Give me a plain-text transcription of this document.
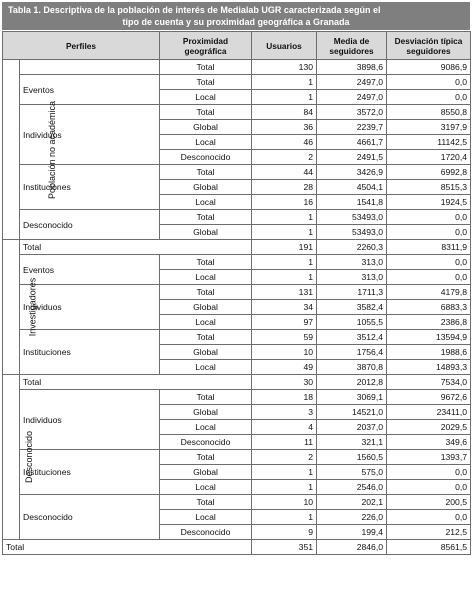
Tabla 1. Descriptiva de la población de interés de Medialab UGR caracterizada según el
tipo de cuenta y su proximidad geográfica a Granada
Perfiles		Proximidad geográfica	Usuarios	Media de seguidores	Desviación típica seguidores
Población no académica		Total	130	3898,6	9086,9
	Eventos	Total	1	2497,0	0,0
		Local	1	2497,0	0,0
	Individuos	Total	84	3572,0	8550,8
		Global	36	2239,7	3197,9
		Local	46	4661,7	11142,5
		Desconocido	2	2491,5	1720,4
	Instituciones	Total	44	3426,9	6992,8
		Global	28	4504,1	8515,3
		Local	16	1541,8	1924,5
	Desconocido	Total	1	53493,0	0,0
		Global	1	53493,0	0,0
Investigadores	Total		191	2260,3	8311,9
	Eventos	Total	1	313,0	0,0
		Local	1	313,0	0,0
	Individuos	Total	131	1711,3	4179,8
		Global	34	3582,4	6883,3
		Local	97	1055,5	2386,8
	Instituciones	Total	59	3512,4	13594,9
		Global	10	1756,4	1988,6
		Local	49	3870,8	14893,3
Desconocido	Total		30	2012,8	7534,0
	Individuos	Total	18	3069,1	9672,6
		Global	3	14521,0	23411,0
		Local	4	2037,0	2029,5
		Desconocido	11	321,1	349,6
	Instituciones	Total	2	1560,5	1393,7
		Global	1	575,0	0,0
		Local	1	2546,0	0,0
	Desconocido	Total	10	202,1	200,5
		Local	1	226,0	0,0
		Desconocido	9	199,4	212,5
Total			351	2846,0	8561,5
